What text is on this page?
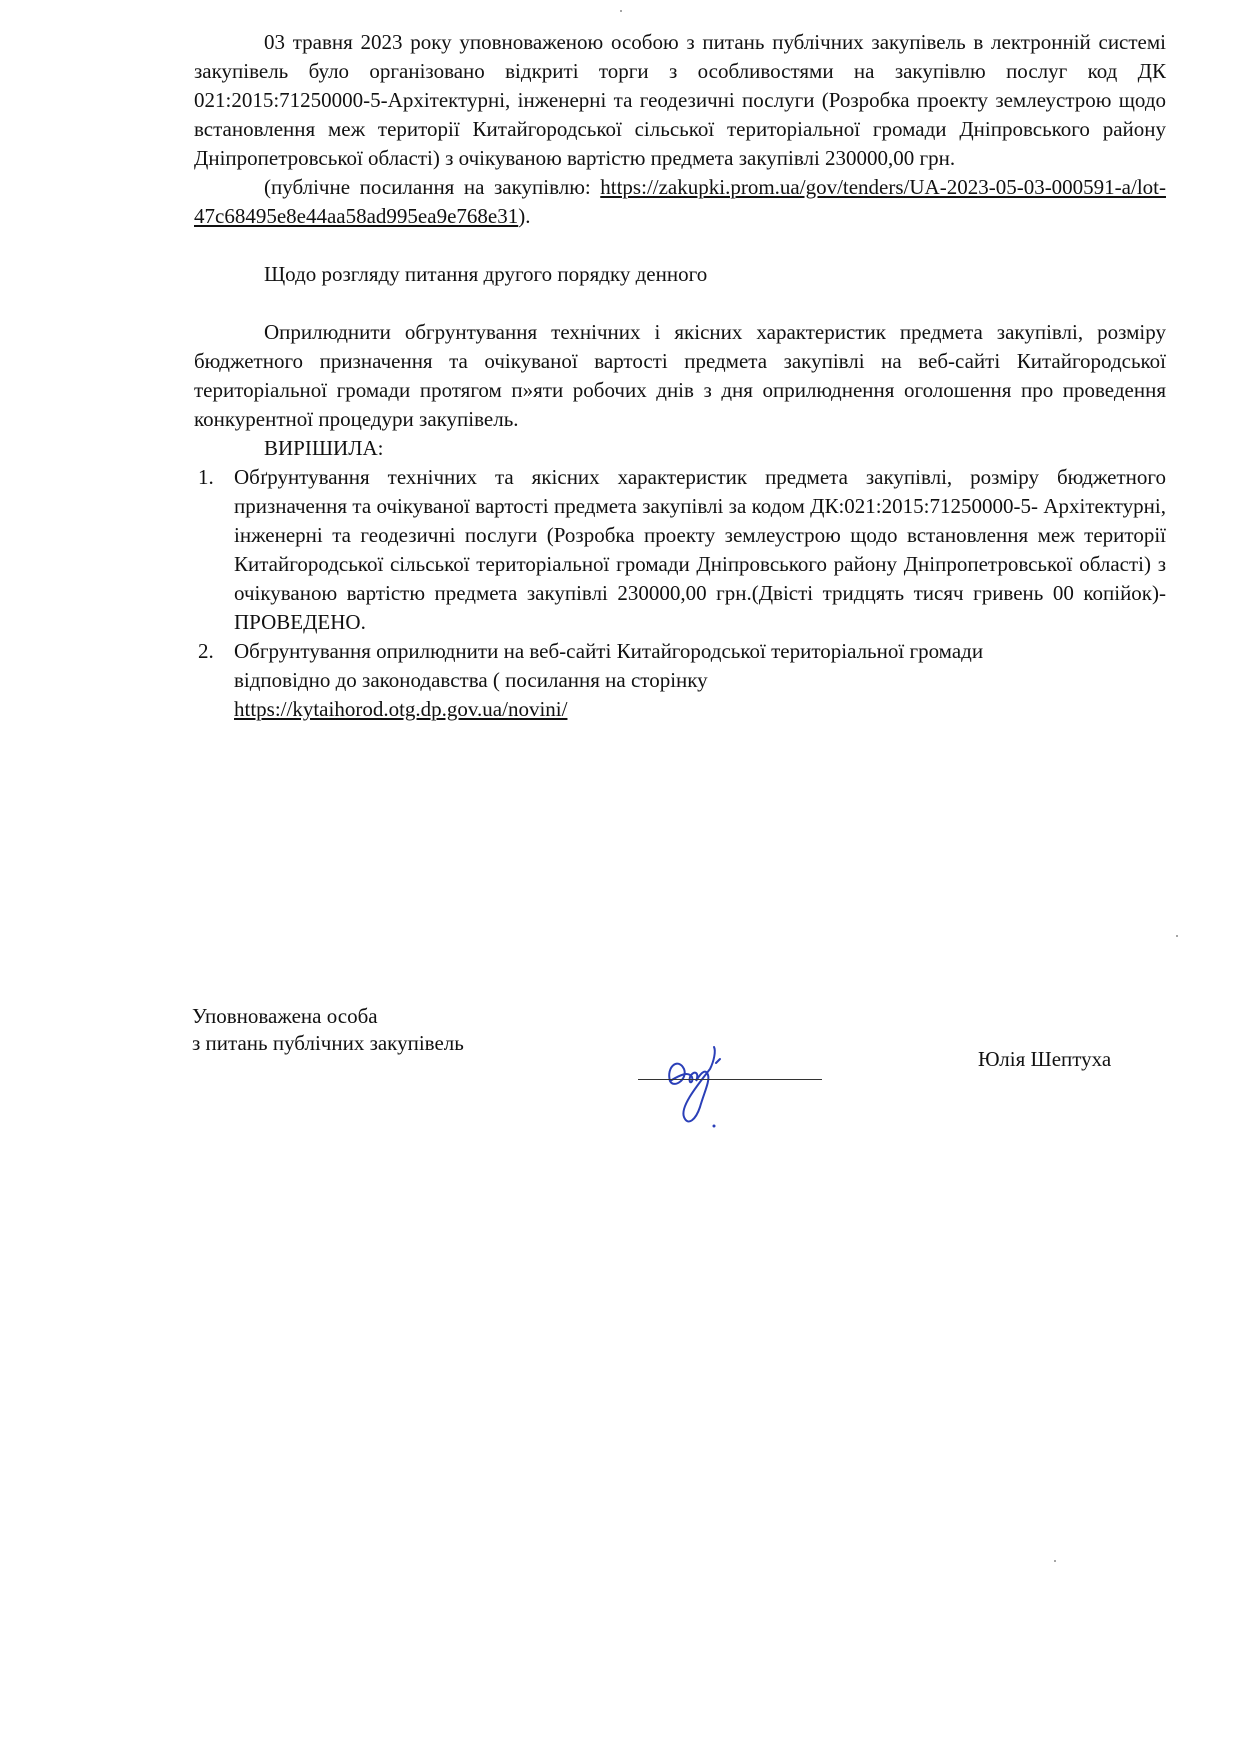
03 травня 2023 року уповноваженою особою з питань публічних закупівель в лектронній системі закупівель було організовано відкриті торги з особливостями на закупівлю послуг код ДК 021:2015:71250000-5-Архітектурні, інженерні та геодезичні послуги (Розробка проекту землеустрою щодо встановлення меж території Китайгородської сільської територіальної громади Дніпровського району Дніпропетровської області) з очікуваною вартістю предмета закупівлі 230000,00 грн.

(публічне посилання на закупівлю: https://zakupki.prom.ua/gov/tenders/UA-2023-05-03-000591-a/lot-47c68495e8e44aa58ad995ea9e768e31).

Щодо розгляду питання другого порядку денного

Оприлюднити обгрунтування технічних і якісних характеристик предмета закупівлі, розміру бюджетного призначення та очікуваної вартості предмета закупівлі на веб-сайті Китайгородської територіальної громади протягом п»яти робочих днів з дня оприлюднення оголошення про проведення конкурентної процедури закупівель.

ВИРІШИЛА:

1. Обґрунтування технічних та якісних характеристик предмета закупівлі, розміру бюджетного призначення та очікуваної вартості предмета закупівлі за кодом ДК:021:2015:71250000-5- Архітектурні, інженерні та геодезичні послуги (Розробка проекту землеустрою щодо встановлення меж території Китайгородської сільської територіальної громади Дніпровського району Дніпропетровської області) з очікуваною вартістю предмета закупівлі 230000,00 грн.(Двісті тридцять тисяч гривень 00 копійок)-ПРОВЕДЕНО.
2. Обгрунтування оприлюднити на веб-сайті Китайгородської територіальної громади
відповідно до законодавства ( посилання на сторінку
https://kytaihorod.otg.dp.gov.ua/novini/
Уповноважена особа
з питань публічних закупівель
Юлія Шептуха
